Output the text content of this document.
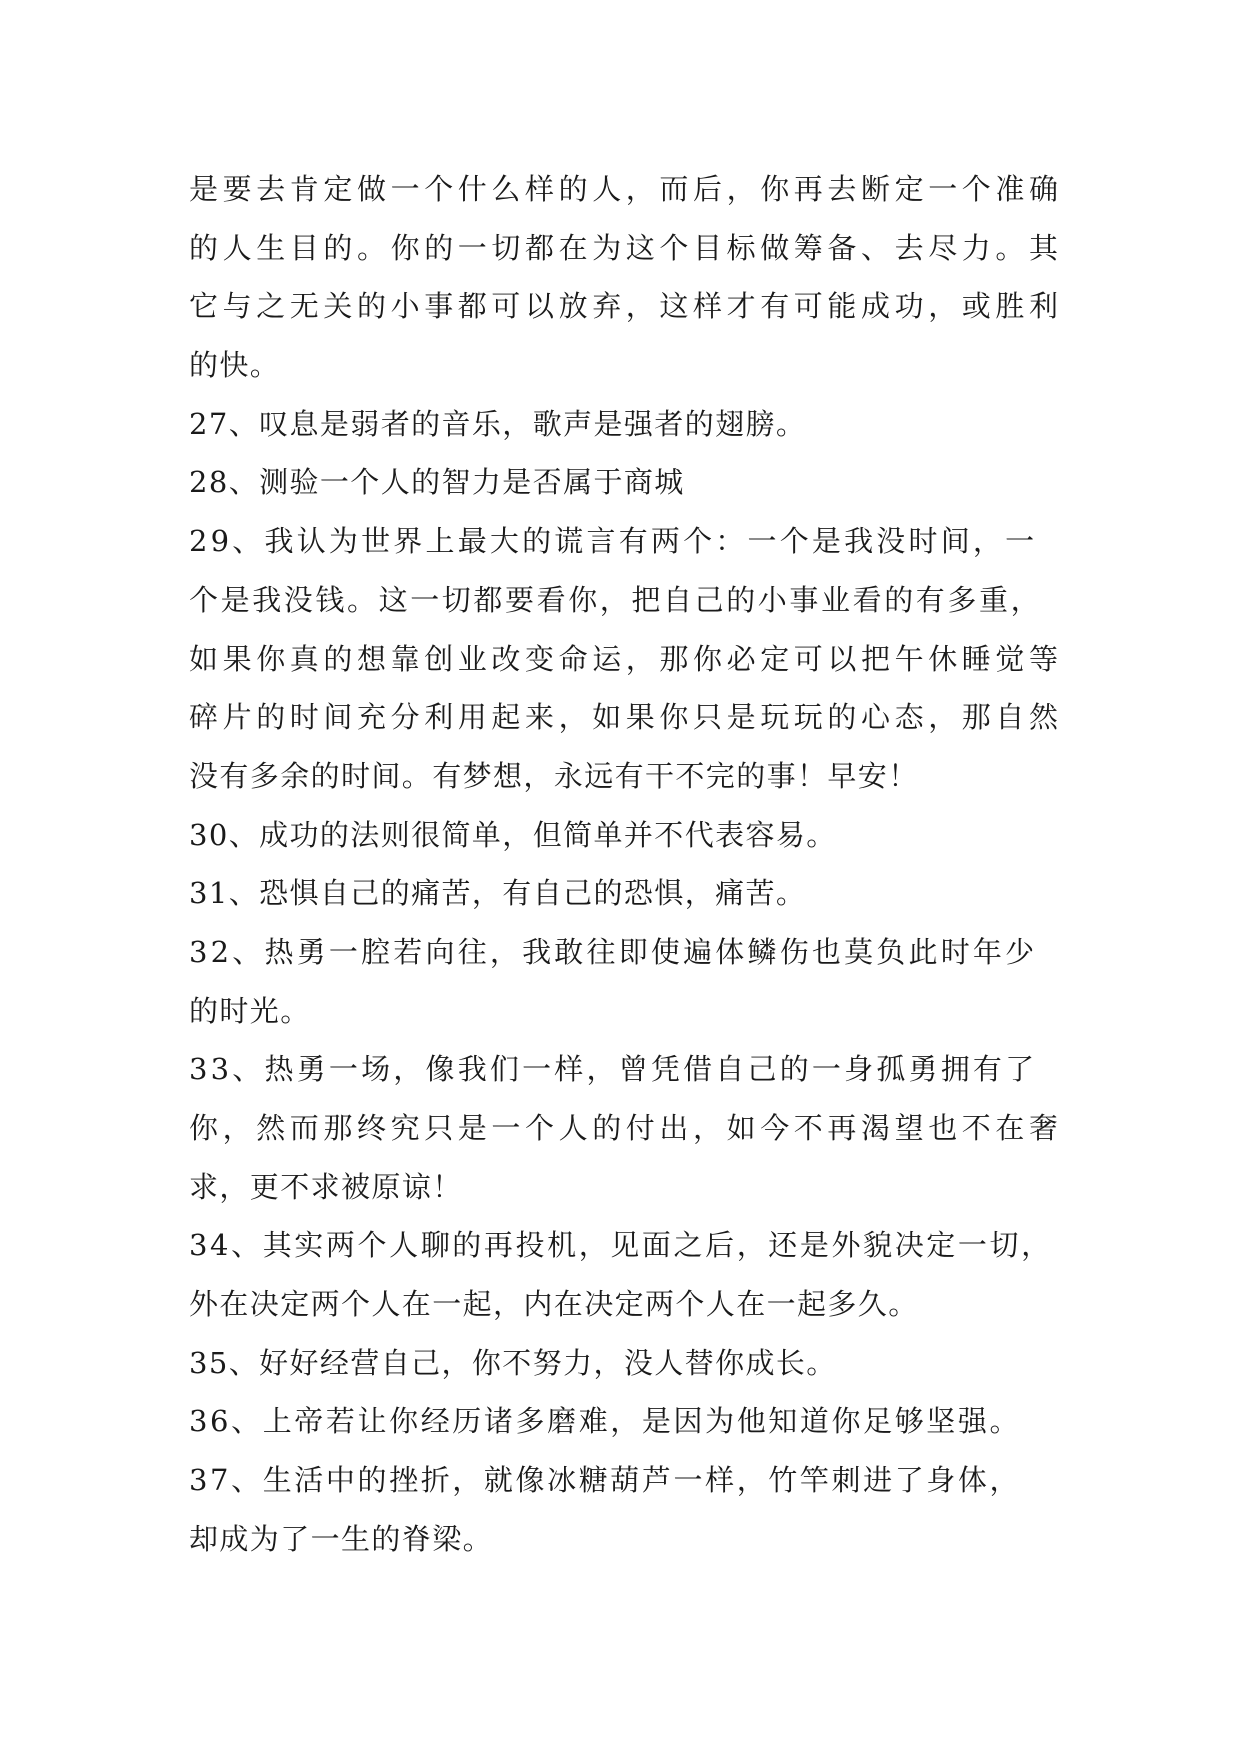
是要去肯定做一个什么样的人，而后，你再去断定一个准确
的人生目的。你的一切都在为这个目标做筹备、去尽力。其
它与之无关的小事都可以放弃，这样才有可能成功，或胜利
的快。
27、叹息是弱者的音乐，歌声是强者的翅膀。
28、测验一个人的智力是否属于商城
29、我认为世界上最大的谎言有两个：一个是我没时间，一
个是我没钱。这一切都要看你，把自己的小事业看的有多重，
如果你真的想靠创业改变命运，那你必定可以把午休睡觉等
碎片的时间充分利用起来，如果你只是玩玩的心态，那自然
没有多余的时间。有梦想，永远有干不完的事！早安！
30、成功的法则很简单，但简单并不代表容易。
31、恐惧自己的痛苦，有自己的恐惧，痛苦。
32、热勇一腔若向往，我敢往即使遍体鳞伤也莫负此时年少
的时光。
33、热勇一场，像我们一样，曾凭借自己的一身孤勇拥有了
你，然而那终究只是一个人的付出，如今不再渴望也不在奢
求，更不求被原谅！
34、其实两个人聊的再投机，见面之后，还是外貌决定一切，
外在决定两个人在一起，内在决定两个人在一起多久。
35、好好经营自己，你不努力，没人替你成长。
36、上帝若让你经历诸多磨难，是因为他知道你足够坚强。
37、生活中的挫折，就像冰糖葫芦一样，竹竿刺进了身体，
却成为了一生的脊梁。
